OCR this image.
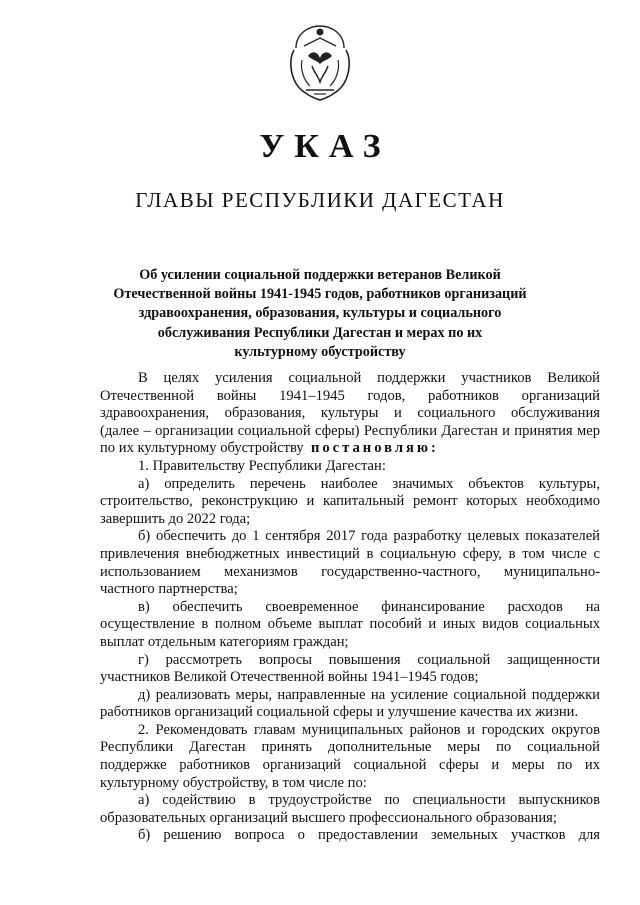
УКАЗ
ГЛАВЫ РЕСПУБЛИКИ ДАГЕСТАН
Об усилении социальной поддержки ветеранов Великой
Отечественной войны 1941-1945 годов, работников организаций
здравоохранения, образования, культуры и социального
обслуживания Республики Дагестан и мерах по их
культурному обустройству

В целях усиления социальной поддержки участников Великой

Отечественной войны 1941–1945 годов, работников организаций

здравоохранения, образования, культуры и социального обслуживания

(далее – организации социальной сферы) Республики Дагестан и принятия мер

по их культурному обустройству постановляю:

1. Правительству Республики Дагестан:

а) определить перечень наиболее значимых объектов культуры,

строительство, реконструкцию и капитальный ремонт которых необходимо

завершить до 2022 года;

б) обеспечить до 1 сентября 2017 года разработку целевых показателей

привлечения внебюджетных инвестиций в социальную сферу, в том числе с

использованием механизмов государственно-частного, муниципально-

частного партнерства;

в) обеспечить своевременное финансирование расходов на

осуществление в полном объеме выплат пособий и иных видов социальных

выплат отдельным категориям граждан;

г) рассмотреть вопросы повышения социальной защищенности

участников Великой Отечественной войны 1941–1945 годов;

д) реализовать меры, направленные на усиление социальной поддержки

работников организаций социальной сферы и улучшение качества их жизни.

2. Рекомендовать главам муниципальных районов и городских округов

Республики Дагестан принять дополнительные меры по социальной

поддержке работников организаций социальной сферы и меры по их

культурному обустройству, в том числе по:

а) содействию в трудоустройстве по специальности выпускников

образовательных организаций высшего профессионального образования;

б) решению вопроса о предоставлении земельных участков для
